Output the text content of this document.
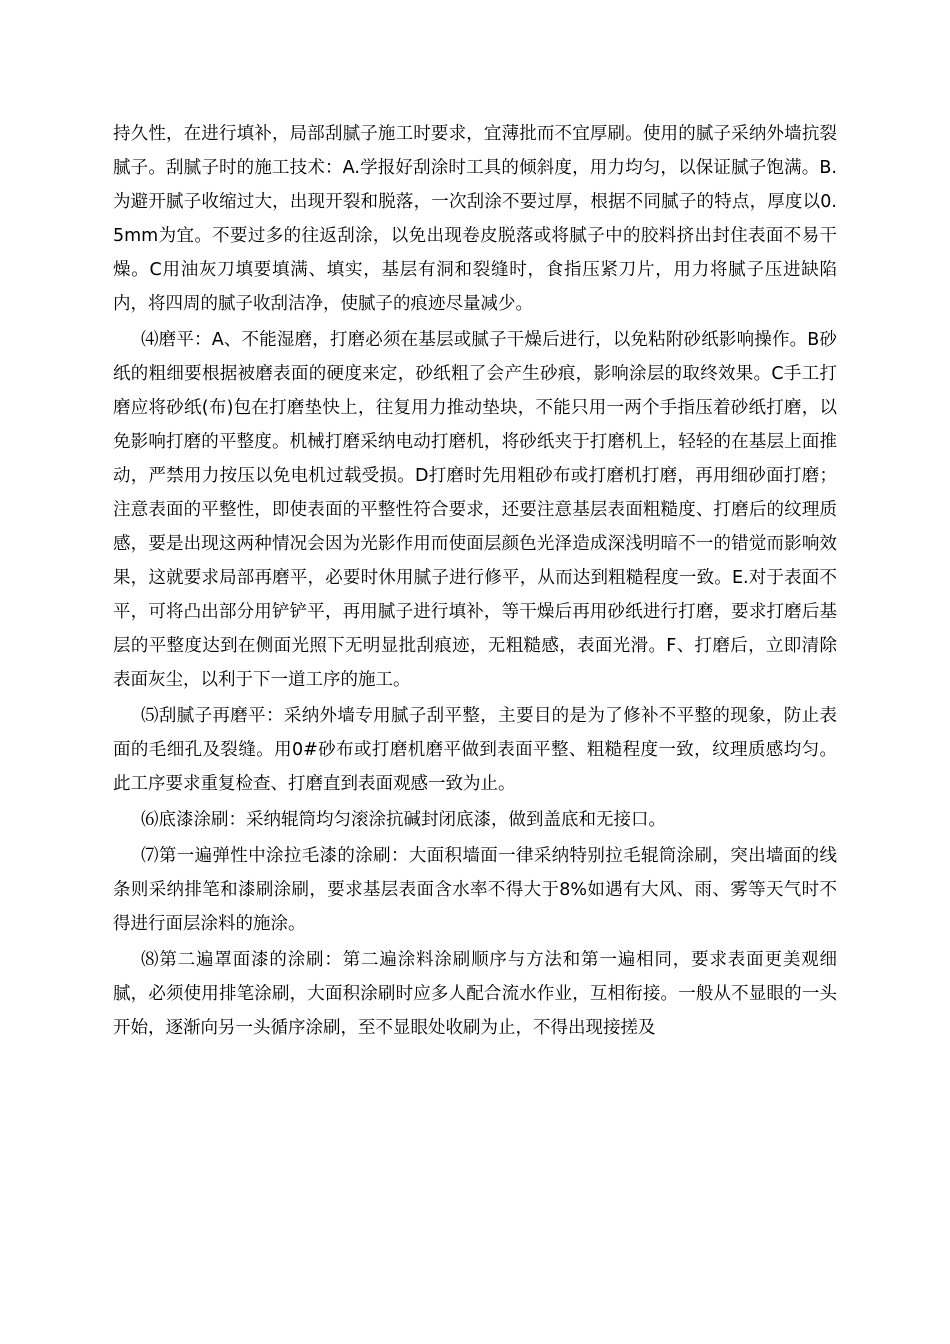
持久性，在进行填补，局部刮腻子施工时要求，宜薄批而不宜厚刷。使用的腻子采纳外墙抗裂腻子。刮腻子时的施工技术：A.学报好刮涂时工具的倾斜度，用力均匀，以保证腻子饱满。B.为避开腻子收缩过大，出现开裂和脱落，一次刮涂不要过厚，根据不同腻子的特点，厚度以0.5mm为宜。不要过多的往返刮涂，以免出现卷皮脱落或将腻子中的胶料挤出封住表面不易干燥。C用油灰刀填要填满、填实，基层有洞和裂缝时，食指压紧刀片，用力将腻子压进缺陷内，将四周的腻子收刮洁净，使腻子的痕迹尽量减少。

⑷磨平：A、不能湿磨，打磨必须在基层或腻子干燥后进行，以免粘附砂纸影响操作。B砂纸的粗细要根据被磨表面的硬度来定，砂纸粗了会产生砂痕，影响涂层的取终效果。C手工打磨应将砂纸(布)包在打磨垫快上，往复用力推动垫块，不能只用一两个手指压着砂纸打磨，以免影响打磨的平整度。机械打磨采纳电动打磨机，将砂纸夹于打磨机上，轻轻的在基层上面推动，严禁用力按压以免电机过载受损。D打磨时先用粗砂布或打磨机打磨，再用细砂面打磨；注意表面的平整性，即使表面的平整性符合要求，还要注意基层表面粗糙度、打磨后的纹理质感，要是出现这两种情况会因为光影作用而使面层颜色光泽造成深浅明暗不一的错觉而影响效果，这就要求局部再磨平，必要时休用腻子进行修平，从而达到粗糙程度一致。E.对于表面不平，可将凸出部分用铲铲平，再用腻子进行填补，等干燥后再用砂纸进行打磨，要求打磨后基层的平整度达到在侧面光照下无明显批刮痕迹，无粗糙感，表面光滑。F、打磨后，立即清除表面灰尘，以利于下一道工序的施工。

⑸刮腻子再磨平：采纳外墙专用腻子刮平整，主要目的是为了修补不平整的现象，防止表面的毛细孔及裂缝。用0#砂布或打磨机磨平做到表面平整、粗糙程度一致，纹理质感均匀。此工序要求重复检查、打磨直到表面观感一致为止。

⑹底漆涂刷：采纳辊筒均匀滚涂抗碱封闭底漆，做到盖底和无接口。

⑺第一遍弹性中涂拉毛漆的涂刷：大面积墙面一律采纳特别拉毛辊筒涂刷，突出墙面的线条则采纳排笔和漆刷涂刷，要求基层表面含水率不得大于8%如遇有大风、雨、雾等天气时不得进行面层涂料的施涂。

⑻第二遍罩面漆的涂刷：第二遍涂料涂刷顺序与方法和第一遍相同，要求表面更美观细腻，必须使用排笔涂刷，大面积涂刷时应多人配合流水作业，互相衔接。一般从不显眼的一头开始，逐渐向另一头循序涂刷，至不显眼处收刷为止，不得出现接搓及
